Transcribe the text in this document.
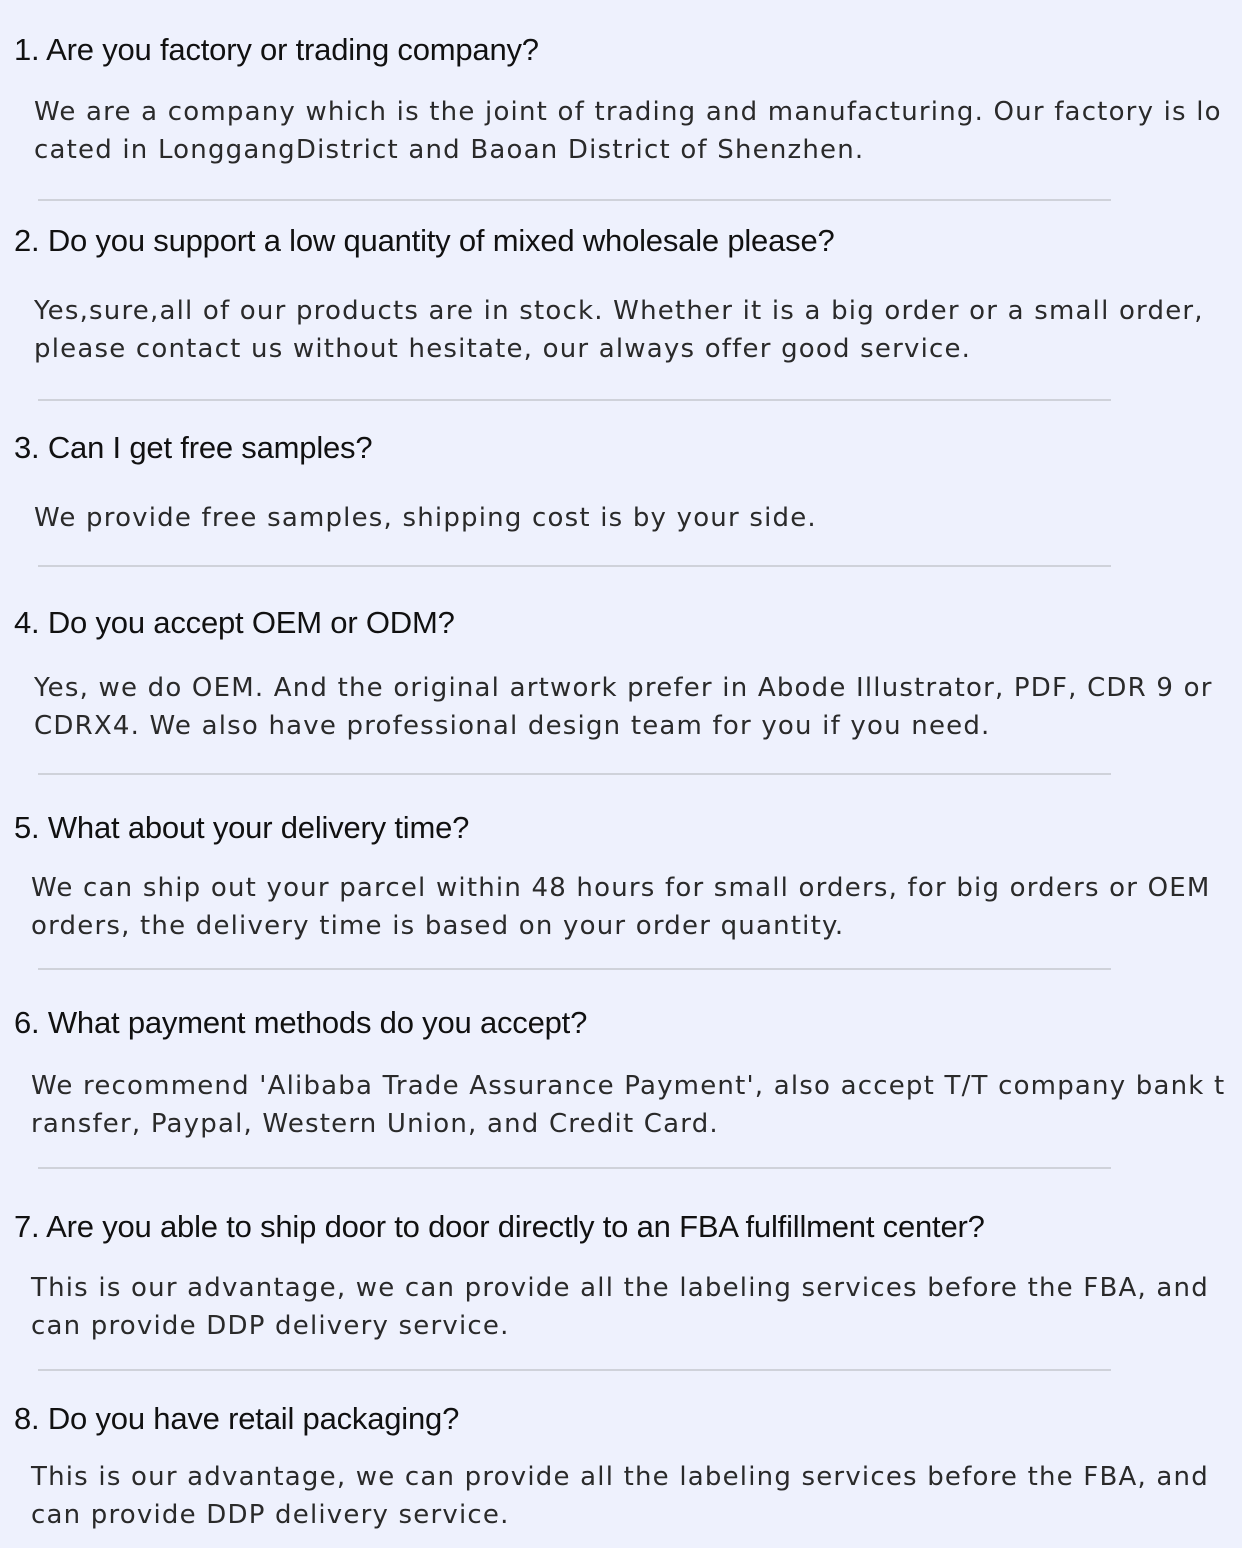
1. Are you factory or trading company?

We are a company which is the joint of trading and manufacturing. Our factory is located in LonggangDistrict and Baoan District of Shenzhen.

2. Do you support a low quantity of mixed wholesale please?

Yes,sure,all of our products are in stock. Whether it is a big order or a small order, please contact us without hesitate, our always offer good service.

3. Can I get free samples?

We provide free samples, shipping cost is by your side.

4. Do you accept OEM or ODM?

Yes, we do OEM. And the original artwork prefer in Abode Illustrator, PDF, CDR 9 or CDRX4. We also have professional design team for you if you need.

5. What about your delivery time?

We can ship out your parcel within 48 hours for small orders, for big orders or OEM orders, the delivery time is based on your order quantity.

6. What payment methods do you accept?

We recommend 'Alibaba Trade Assurance Payment', also accept T/T company bank transfer, Paypal, Western Union, and Credit Card.

7. Are you able to ship door to door directly to an FBA fulfillment center?

This is our advantage, we can provide all the labeling services before the FBA, and can provide DDP delivery service.

8. Do you have retail packaging?

This is our advantage, we can provide all the labeling services before the FBA, and can provide DDP delivery service.
